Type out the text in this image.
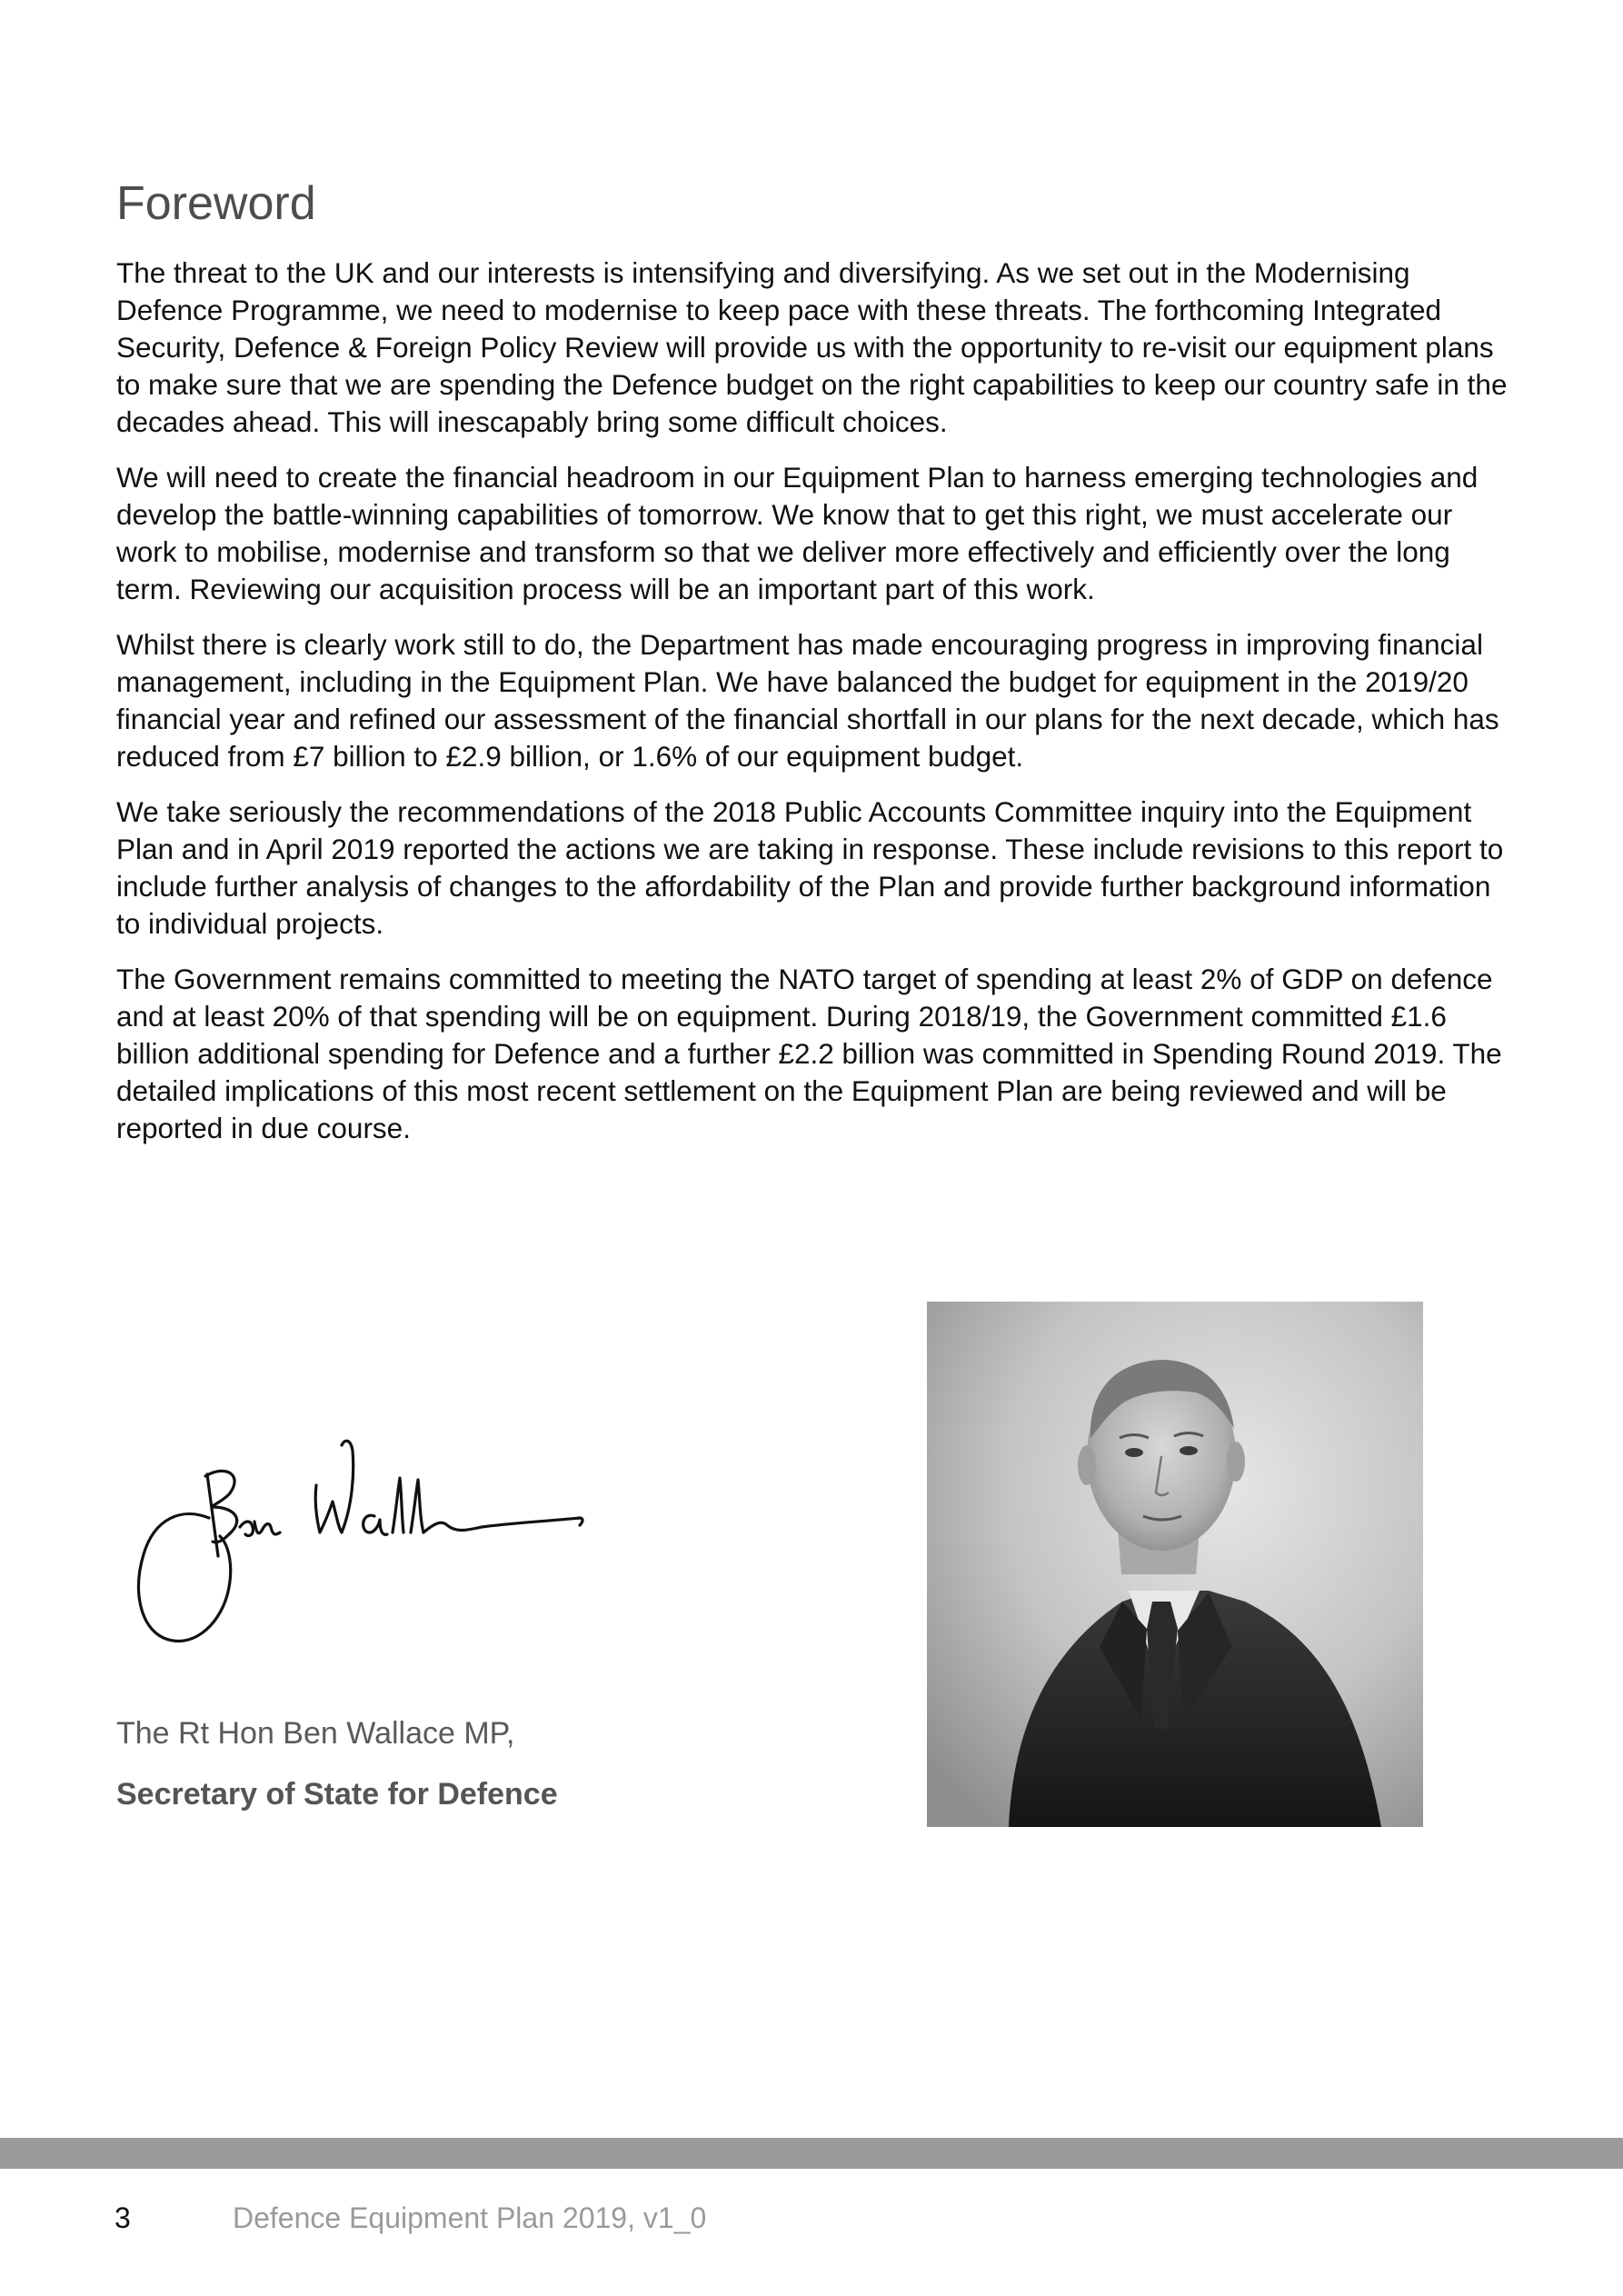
Foreword

The threat to the UK and our interests is intensifying and diversifying. As we set out in the Modernising Defence Programme, we need to modernise to keep pace with these threats. The forthcoming Integrated Security, Defence & Foreign Policy Review will provide us with the opportunity to re-visit our equipment plans to make sure that we are spending the Defence budget on the right capabilities to keep our country safe in the decades ahead. This will inescapably bring some difficult choices.

We will need to create the financial headroom in our Equipment Plan to harness emerging technologies and develop the battle-winning capabilities of tomorrow. We know that to get this right, we must accelerate our work to mobilise, modernise and transform so that we deliver more effectively and efficiently over the long term. Reviewing our acquisition process will be an important part of this work.

Whilst there is clearly work still to do, the Department has made encouraging progress in improving financial management, including in the Equipment Plan. We have balanced the budget for equipment in the 2019/20 financial year and refined our assessment of the financial shortfall in our plans for the next decade, which has reduced from £7 billion to £2.9 billion, or 1.6% of our equipment budget.

We take seriously the recommendations of the 2018 Public Accounts Committee inquiry into the Equipment Plan and in April 2019 reported the actions we are taking in response. These include revisions to this report to include further analysis of changes to the affordability of the Plan and provide further background information to individual projects.

The Government remains committed to meeting the NATO target of spending at least 2% of GDP on defence and at least 20% of that spending will be on equipment. During 2018/19, the Government committed £1.6 billion additional spending for Defence and a further £2.2 billion was committed in Spending Round 2019. The detailed implications of this most recent settlement on the Equipment Plan are being reviewed and will be reported in due course.

The Rt Hon Ben Wallace MP,

Secretary of State for Defence

3	Defence Equipment Plan 2019, v1_0
